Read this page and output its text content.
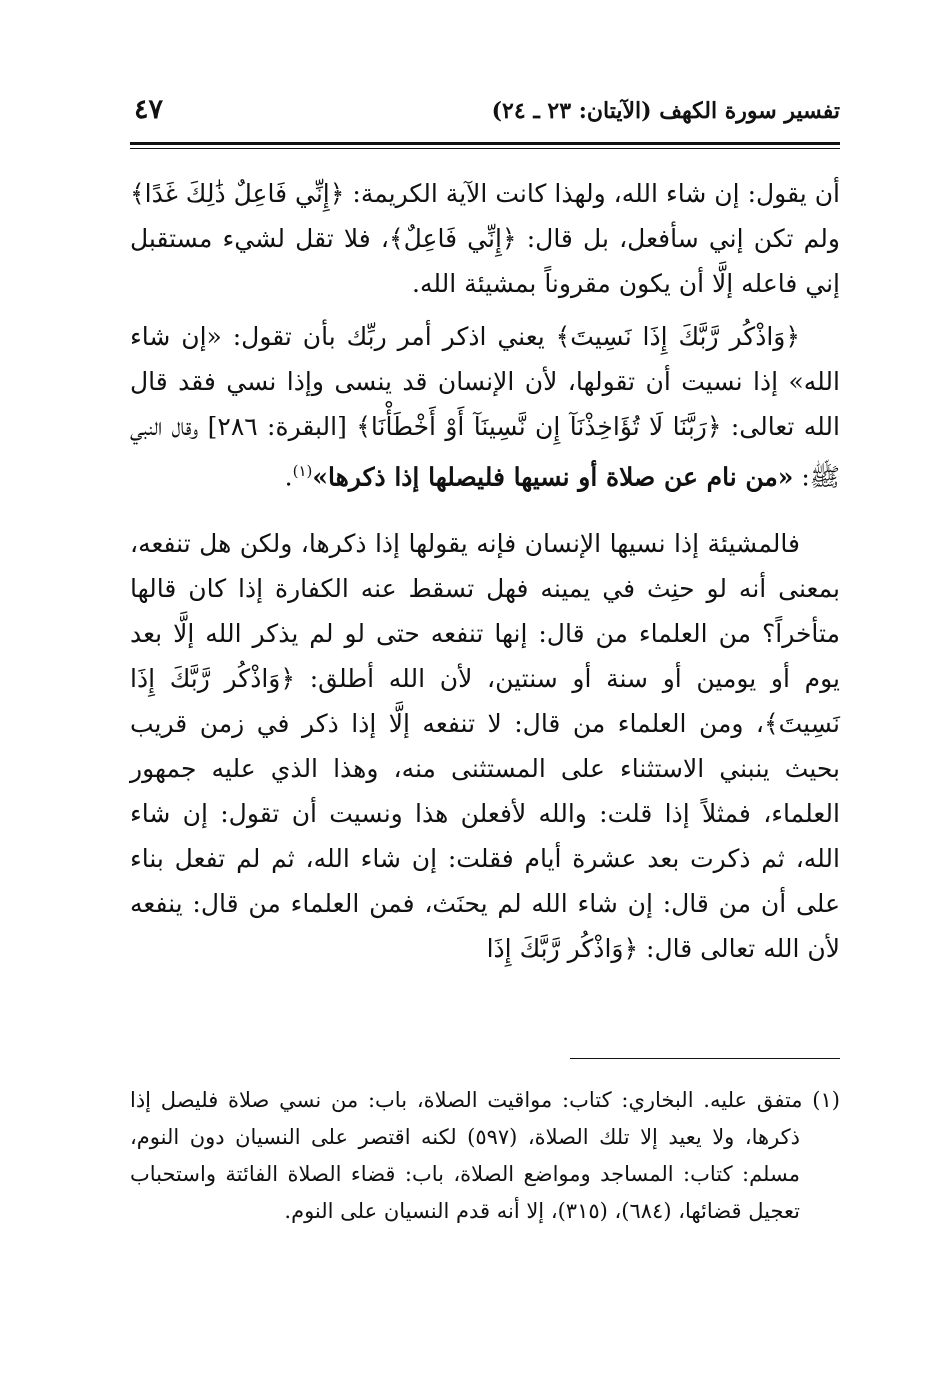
تفسير سورة الكهف (الآيتان: ٢٣ ـ ٢٤)
٤٧

أن يقول: إن شاء الله، ولهذا كانت الآية الكريمة: ﴿إِنِّي فَاعِلٌ ذَٰلِكَ غَدًا﴾ ولم تكن إني سأفعل، بل قال: ﴿إِنِّي فَاعِلٌ﴾، فلا تقل لشيء مستقبل إني فاعله إلَّا أن يكون مقروناً بمشيئة الله.

﴿وَاذْكُر رَّبَّكَ إِذَا نَسِيتَ﴾ يعني اذكر أمر ربِّك بأن تقول: «إن شاء الله» إذا نسيت أن تقولها، لأن الإنسان قد ينسى وإذا نسي فقد قال الله تعالى: ﴿رَبَّنَا لَا تُؤَاخِذْنَآ إِن نَّسِينَآ أَوْ أَخْطَأْنَا﴾ [البقرة: ٢٨٦] وقال النبي ﷺ: «من نام عن صلاة أو نسيها فليصلها إذا ذكرها»$^{(١)}$.

فالمشيئة إذا نسيها الإنسان فإنه يقولها إذا ذكرها، ولكن هل تنفعه، بمعنى أنه لو حنِث في يمينه فهل تسقط عنه الكفارة إذا كان قالها متأخراً؟ من العلماء من قال: إنها تنفعه حتى لو لم يذكر الله إلَّا بعد يوم أو يومين أو سنة أو سنتين، لأن الله أطلق: ﴿وَاذْكُر رَّبَّكَ إِذَا نَسِيتَ﴾، ومن العلماء من قال: لا تنفعه إلَّا إذا ذكر في زمن قريب بحيث ينبني الاستثناء على المستثنى منه، وهذا الذي عليه جمهور العلماء، فمثلاً إذا قلت: والله لأفعلن هذا ونسيت أن تقول: إن شاء الله، ثم ذكرت بعد عشرة أيام فقلت: إن شاء الله، ثم لم تفعل بناء على أن من قال: إن شاء الله لم يحنَث، فمن العلماء من قال: ينفعه لأن الله تعالى قال: ﴿وَاذْكُر رَّبَّكَ إِذَا

(١) متفق عليه. البخاري: كتاب: مواقيت الصلاة، باب: من نسي صلاة فليصل إذا ذكرها، ولا يعيد إلا تلك الصلاة، (٥٩٧) لكنه اقتصر على النسيان دون النوم، مسلم: كتاب: المساجد ومواضع الصلاة، باب: قضاء الصلاة الفائتة واستحباب تعجيل قضائها، (٦٨٤)، (٣١٥)، إلا أنه قدم النسيان على النوم.
